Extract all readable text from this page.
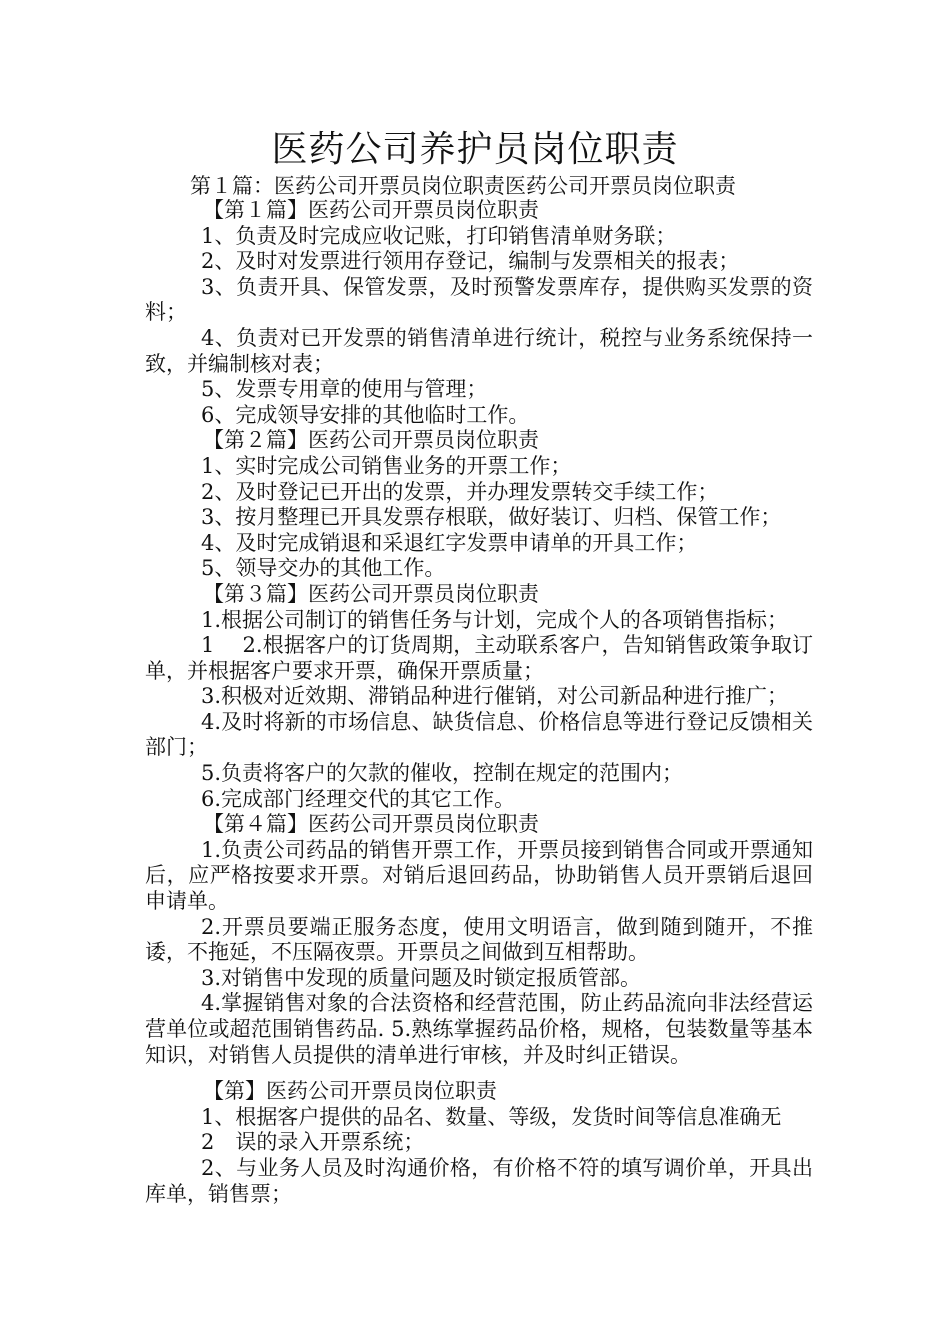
医药公司养护员岗位职责
第１篇：医药公司开票员岗位职责医药公司开票员岗位职责

【第１篇】医药公司开票员岗位职责

1、负责及时完成应收记账，打印销售清单财务联；

2、及时对发票进行领用存登记，编制与发票相关的报表；

3、负责开具、保管发票，及时预警发票库存，提供购买发票的资料；

4、负责对已开发票的销售清单进行统计，税控与业务系统保持一致，并编制核对表；

5、发票专用章的使用与管理；

6、完成领导安排的其他临时工作。

【第２篇】医药公司开票员岗位职责

1、实时完成公司销售业务的开票工作；

2、及时登记已开出的发票，并办理发票转交手续工作；

3、按月整理已开具发票存根联，做好装订、归档、保管工作；

4、及时完成销退和采退红字发票申请单的开具工作；

5、领导交办的其他工作。

【第３篇】医药公司开票员岗位职责

1.根据公司制订的销售任务与计划，完成个人的各项销售指标；

1　 2.根据客户的订货周期，主动联系客户，告知销售政策争取订单，并根据客户要求开票，确保开票质量；

3.积极对近效期、滞销品种进行催销，对公司新品种进行推广；

4.及时将新的市场信息、缺货信息、价格信息等进行登记反馈相关部门；

5.负责将客户的欠款的催收，控制在规定的范围内；

6.完成部门经理交代的其它工作。

【第４篇】医药公司开票员岗位职责

1.负责公司药品的销售开票工作，开票员接到销售合同或开票通知后，应严格按要求开票。对销后退回药品，协助销售人员开票销后退回申请单。

2.开票员要端正服务态度，使用文明语言，做到随到随开，不推诿，不拖延，不压隔夜票。开票员之间做到互相帮助。

3.对销售中发现的质量问题及时锁定报质管部。

4.掌握销售对象的合法资格和经营范围，防止药品流向非法经营运营单位或超范围销售药品. 5.熟练掌握药品价格，规格，包装数量等基本知识，对销售人员提供的清单进行审核，并及时纠正错误。

【第】医药公司开票员岗位职责

1、根据客户提供的品名、数量、等级，发货时间等信息准确无

2　误的录入开票系统；

2、与业务人员及时沟通价格，有价格不符的填写调价单，开具出库单，销售票；
